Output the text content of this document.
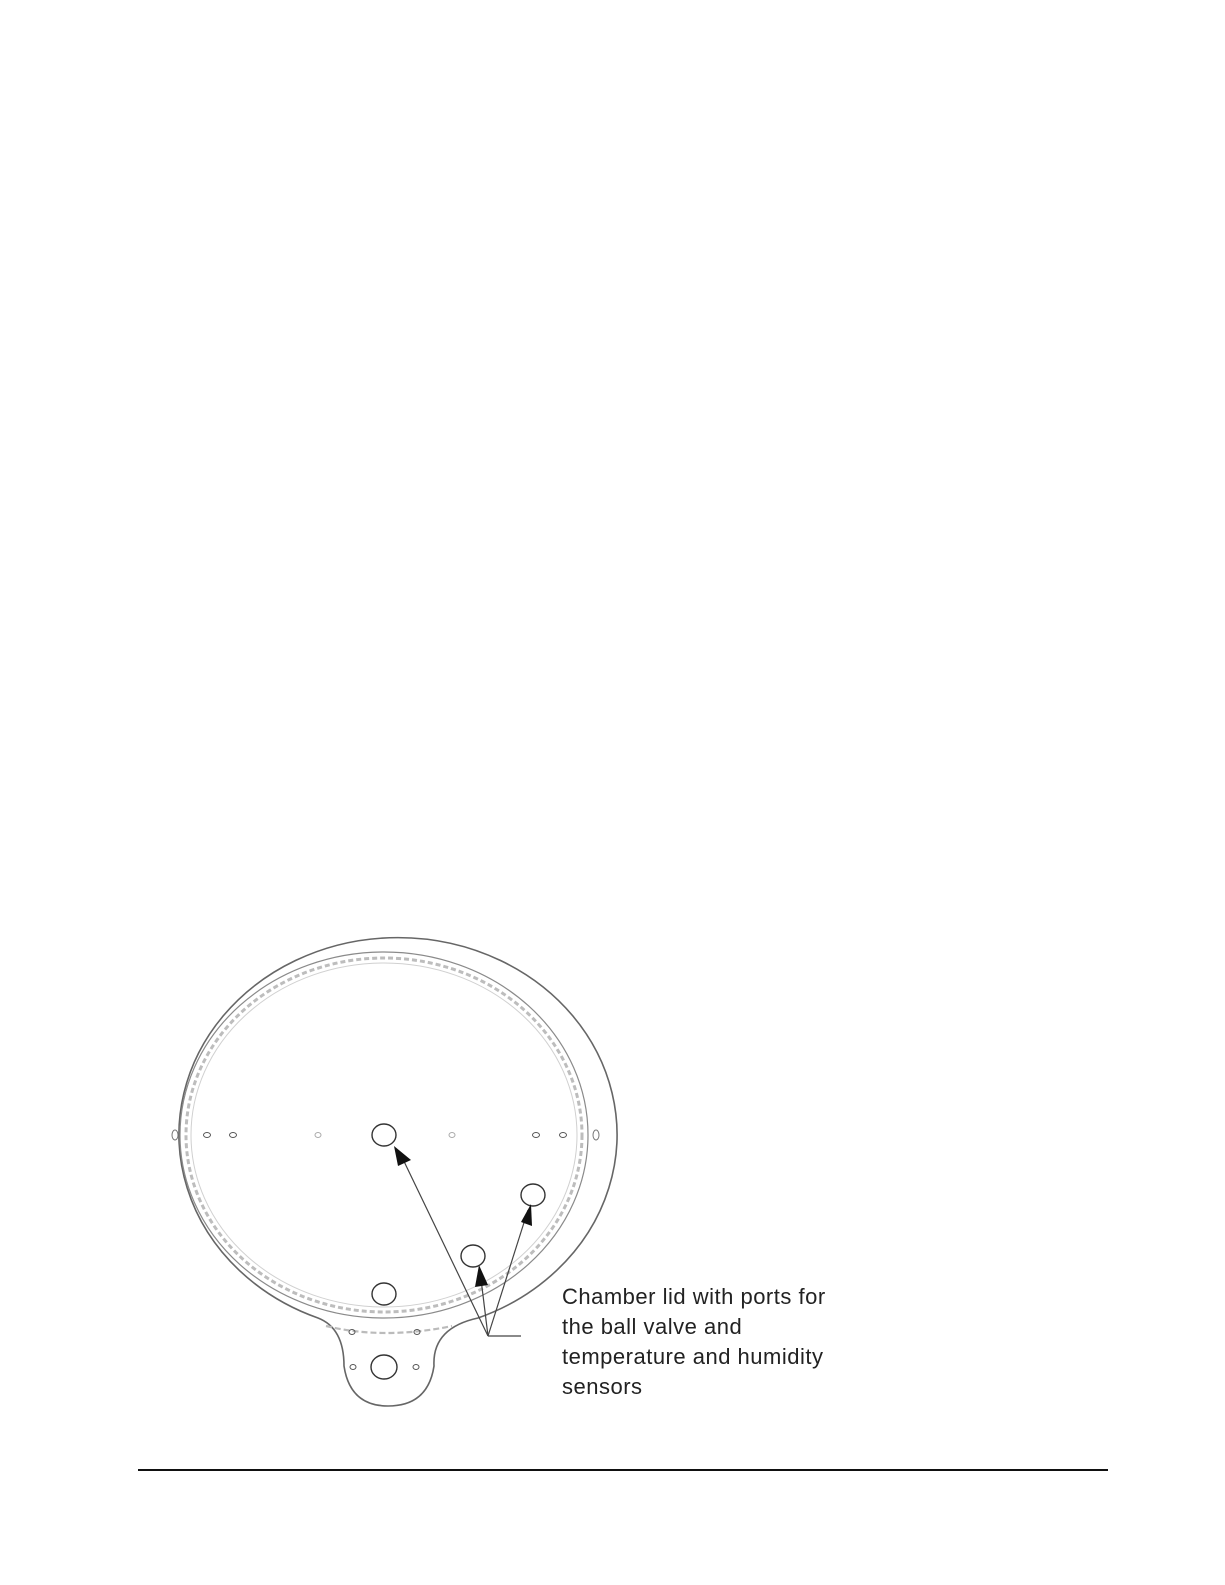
Chamber lid with ports for
the ball valve and
temperature and humidity
sensors
